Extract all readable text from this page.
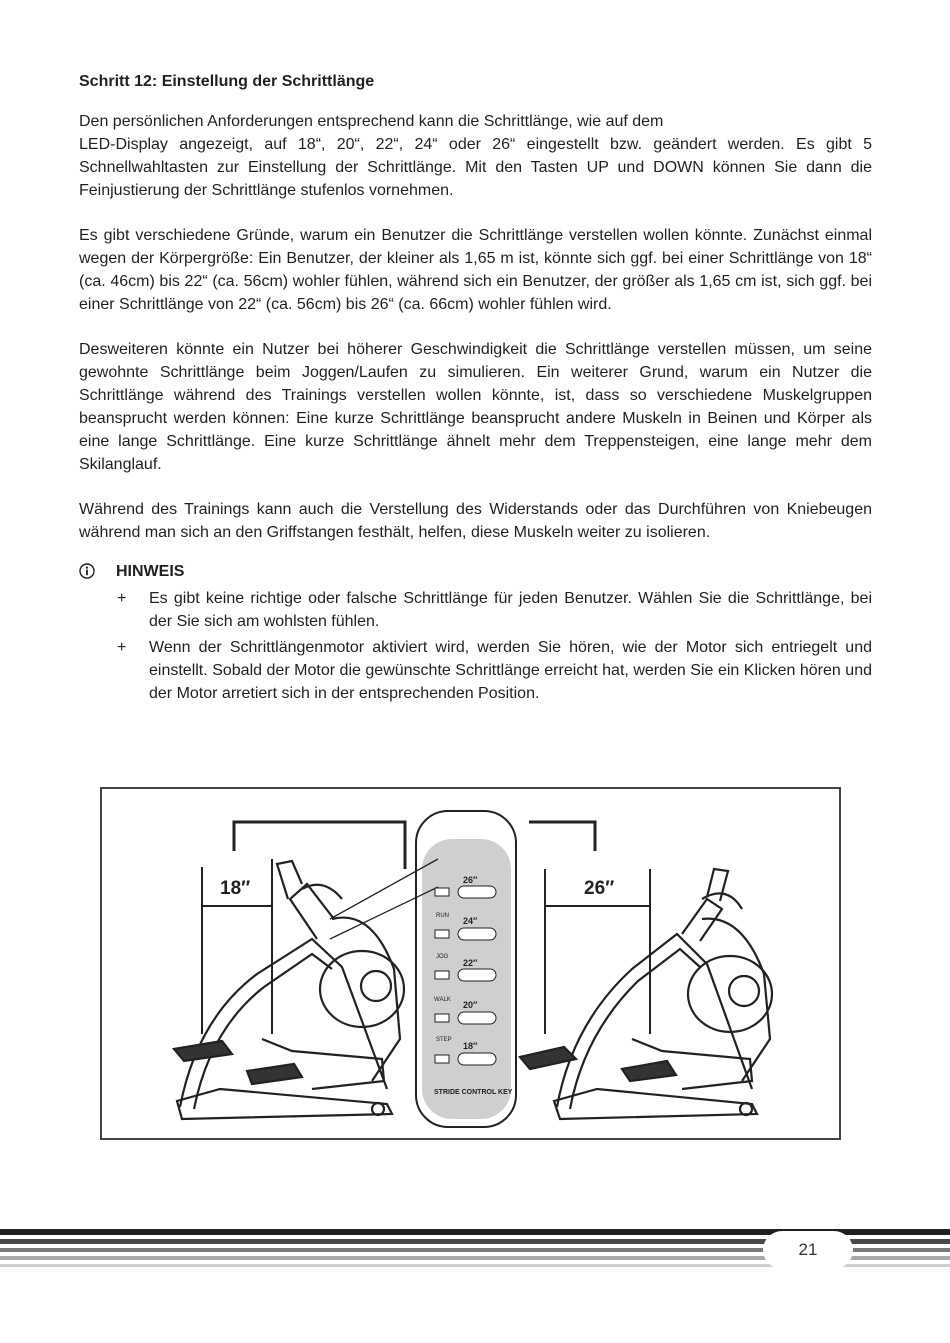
Schritt 12: Einstellung der Schrittlänge

Den persönlichen Anforderungen entsprechend kann die Schrittlänge, wie auf dem
LED-Display angezeigt, auf 18“, 20“, 22“, 24“ oder 26“ eingestellt bzw. geändert werden. Es gibt 5 Schnellwahltasten zur Einstellung der Schrittlänge. Mit den Tasten UP und DOWN können Sie dann die Feinjustierung der Schrittlänge stufenlos vornehmen.

Es gibt verschiedene Gründe, warum ein Benutzer die Schrittlänge verstellen wollen könnte. Zunächst einmal wegen der Körpergröße: Ein Benutzer, der kleiner als 1,65 m ist, könnte sich ggf. bei einer Schrittlänge von 18“ (ca. 46cm) bis 22“ (ca. 56cm) wohler fühlen, während sich ein Benutzer, der größer als 1,65 cm ist, sich ggf. bei einer Schrittlänge von 22“ (ca. 56cm) bis 26“ (ca. 66cm) wohler fühlen wird.

Desweiteren könnte ein Nutzer bei höherer Geschwindigkeit die Schrittlänge verstellen müssen, um seine gewohnte Schrittlänge beim Joggen/Laufen zu simulieren. Ein weiterer Grund, warum ein Nutzer die Schrittlänge während des Trainings verstellen wollen könnte, ist, dass so verschiedene Muskelgruppen beansprucht werden können: Eine kurze Schrittlänge beansprucht andere Muskeln in Beinen und Körper als eine lange Schrittlänge. Eine kurze Schrittlänge ähnelt mehr dem Treppensteigen, eine lange mehr dem Skilanglauf.

Während des Trainings kann auch die Verstellung des Widerstands oder das Durchführen von Kniebeugen während man sich an den Griffstangen festhält, helfen, diese Muskeln weiter zu isolieren.

HINWEIS
+ Es gibt keine richtige oder falsche Schrittlänge für jeden Benutzer. Wählen Sie die Schrittlänge, bei der Sie sich am wohlsten fühlen.
+ Wenn der Schrittlängenmotor aktiviert wird, werden Sie hören, wie der Motor sich entriegelt und einstellt. Sobald der Motor die gewünschte Schrittlänge erreicht hat, werden Sie ein Klicken hören und der Motor arretiert sich in der entsprechenden Position.
18″	26″
26″
RUN 24″
JOG
22″
WALK 20″
STEP
18″
STRIDE CONTROL KEY
21
